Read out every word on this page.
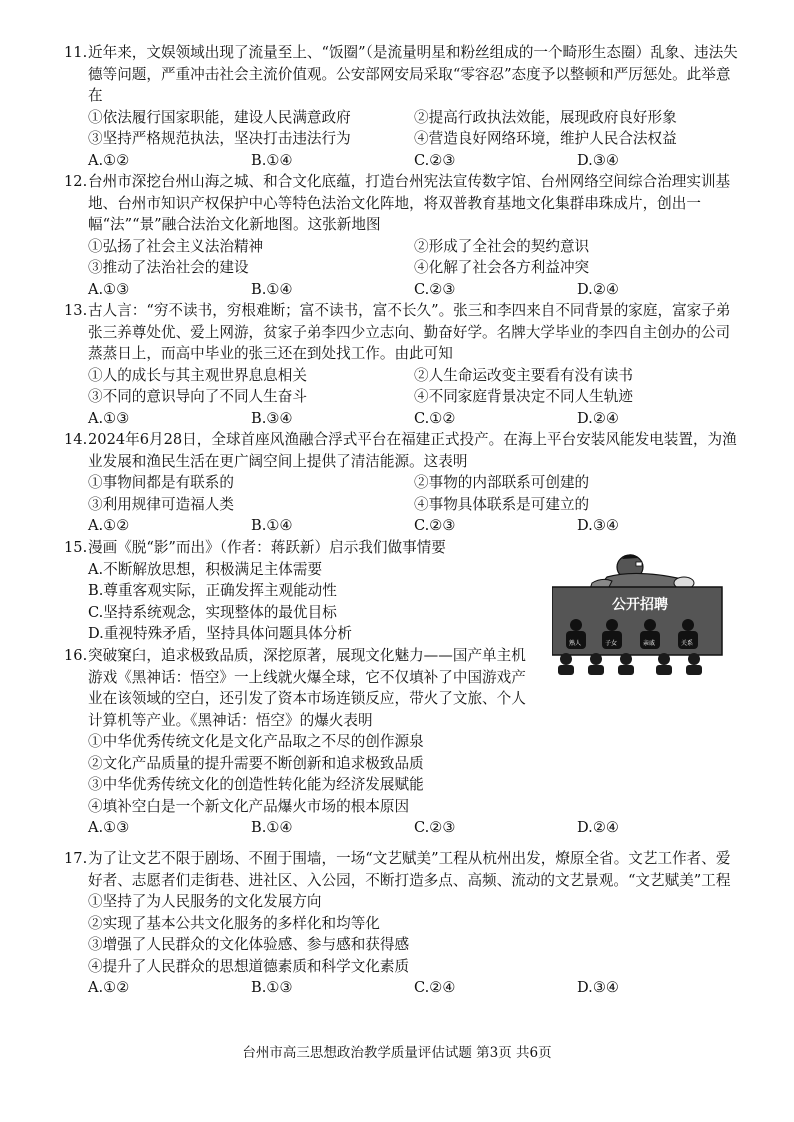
11.近年来，文娱领域出现了流量至上、“饭圈”（是流量明星和粉丝组成的一个畸形生态圈）乱象、违法失德等问题，严重冲击社会主流价值观。公安部网安局采取“零容忍”态度予以整顿和严厉惩处。此举意在

①依法履行国家职能，建设人民满意政府	②提高行政执法效能，展现政府良好形象
③坚持严格规范执法，坚决打击违法行为	④营造良好网络环境，维护人民合法权益
A.①②	B.①④	C.②③	D.③④

12.台州市深挖台州山海之城、和合文化底蕴，打造台州宪法宣传数字馆、台州网络空间综合治理实训基地、台州市知识产权保护中心等特色法治文化阵地，将双普教育基地文化集群串珠成片，创出一幅“法”“景”融合法治文化新地图。这张新地图

①弘扬了社会主义法治精神	②形成了全社会的契约意识
③推动了法治社会的建设	④化解了社会各方利益冲突
A.①③	B.①④	C.②③	D.②④

13.古人言：“穷不读书，穷根难断；富不读书，富不长久”。张三和李四来自不同背景的家庭，富家子弟张三养尊处优、爱上网游，贫家子弟李四少立志向、勤奋好学。名牌大学毕业的李四自主创办的公司蒸蒸日上，而高中毕业的张三还在到处找工作。由此可知

①人的成长与其主观世界息息相关	②人生命运改变主要看有没有读书
③不同的意识导向了不同人生奋斗	④不同家庭背景决定不同人生轨迹
A.①③	B.③④	C.①②	D.②④

14.2024年6月28日，全球首座风渔融合浮式平台在福建正式投产。在海上平台安装风能发电装置，为渔业发展和渔民生活在更广阔空间上提供了清洁能源。这表明

①事物间都是有联系的	②事物的内部联系可创建的
③利用规律可造福人类	④事物具体联系是可建立的
A.①②	B.①④	C.②③	D.③④

15.漫画《脱“影”而出》（作者：蒋跃新）启示我们做事情要

A.不断解放思想，积极满足主体需要
B.尊重客观实际，正确发挥主观能动性
C.坚持系统观念，实现整体的最优目标
D.重视特殊矛盾，坚持具体问题具体分析
公开招聘
熟人	子女	亲戚	关系

16.突破窠臼，追求极致品质，深挖原著，展现文化魅力——国产单主机游戏《黑神话：悟空》一上线就火爆全球，它不仅填补了中国游戏产业在该领域的空白，还引发了资本市场连锁反应，带火了文旅、个人计算机等产业。《黑神话：悟空》的爆火表明

①中华优秀传统文化是文化产品取之不尽的创作源泉
②文化产品质量的提升需要不断创新和追求极致品质
③中华优秀传统文化的创造性转化能为经济发展赋能
④填补空白是一个新文化产品爆火市场的根本原因
A.①③	B.①④	C.②③	D.②④

17.为了让文艺不限于剧场、不囿于围墙，一场“文艺赋美”工程从杭州出发，燎原全省。文艺工作者、爱好者、志愿者们走街巷、进社区、入公园，不断打造多点、高频、流动的文艺景观。“文艺赋美”工程

①坚持了为人民服务的文化发展方向
②实现了基本公共文化服务的多样化和均等化
③增强了人民群众的文化体验感、参与感和获得感
④提升了人民群众的思想道德素质和科学文化素质
A.①②	B.①③	C.②④	D.③④
台州市高三思想政治教学质量评估试题 第3页 共6页
